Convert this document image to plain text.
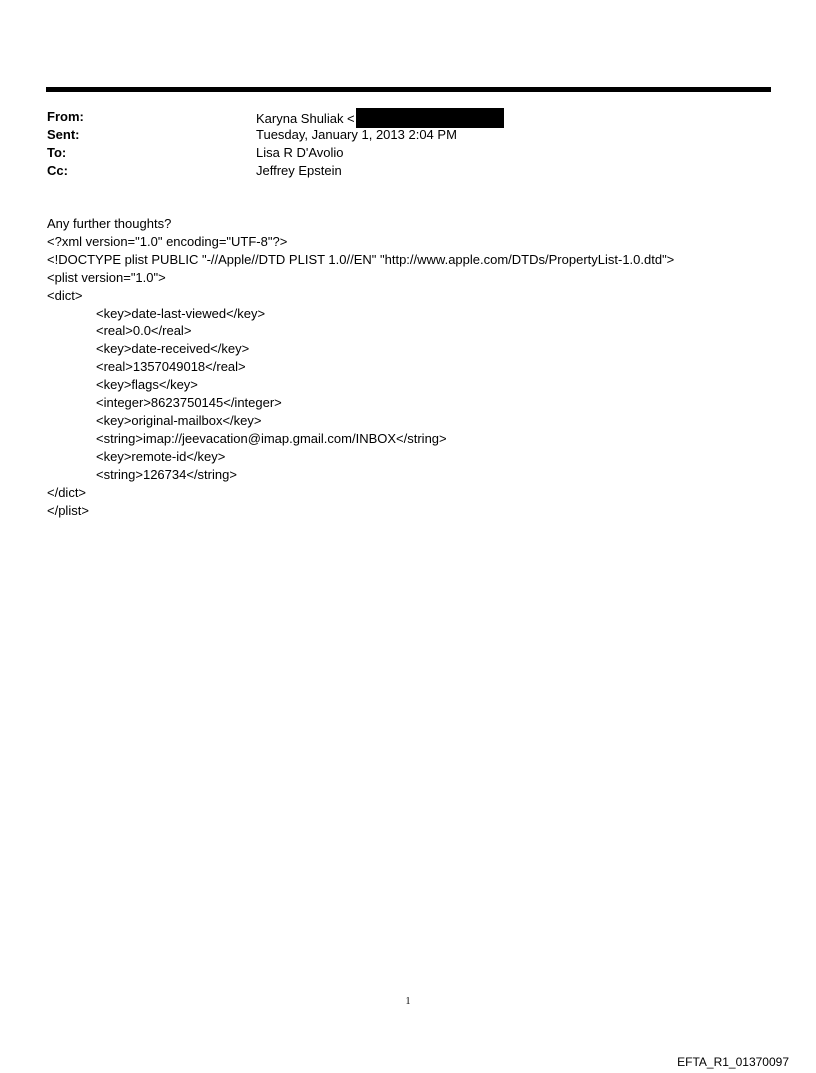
From:	Karyna Shuliak <
Sent:	Tuesday, January 1, 2013 2:04 PM
To:	Lisa R D'Avolio
Cc:	Jeffrey Epstein
Any further thoughts?
<?xml version="1.0" encoding="UTF-8"?>
<!DOCTYPE plist PUBLIC "-//Apple//DTD PLIST 1.0//EN" "http://www.apple.com/DTDs/PropertyList-1.0.dtd">
<plist version="1.0">
<dict>
<key>date-last-viewed</key>
<real>0.0</real>
<key>date-received</key>
<real>1357049018</real>
<key>flags</key>
<integer>8623750145</integer>
<key>original-mailbox</key>
<string>imap://jeevacation@imap.gmail.com/INBOX</string>
<key>remote-id</key>
<string>126734</string>
</dict>
</plist>
1
EFTA_R1_01370097
